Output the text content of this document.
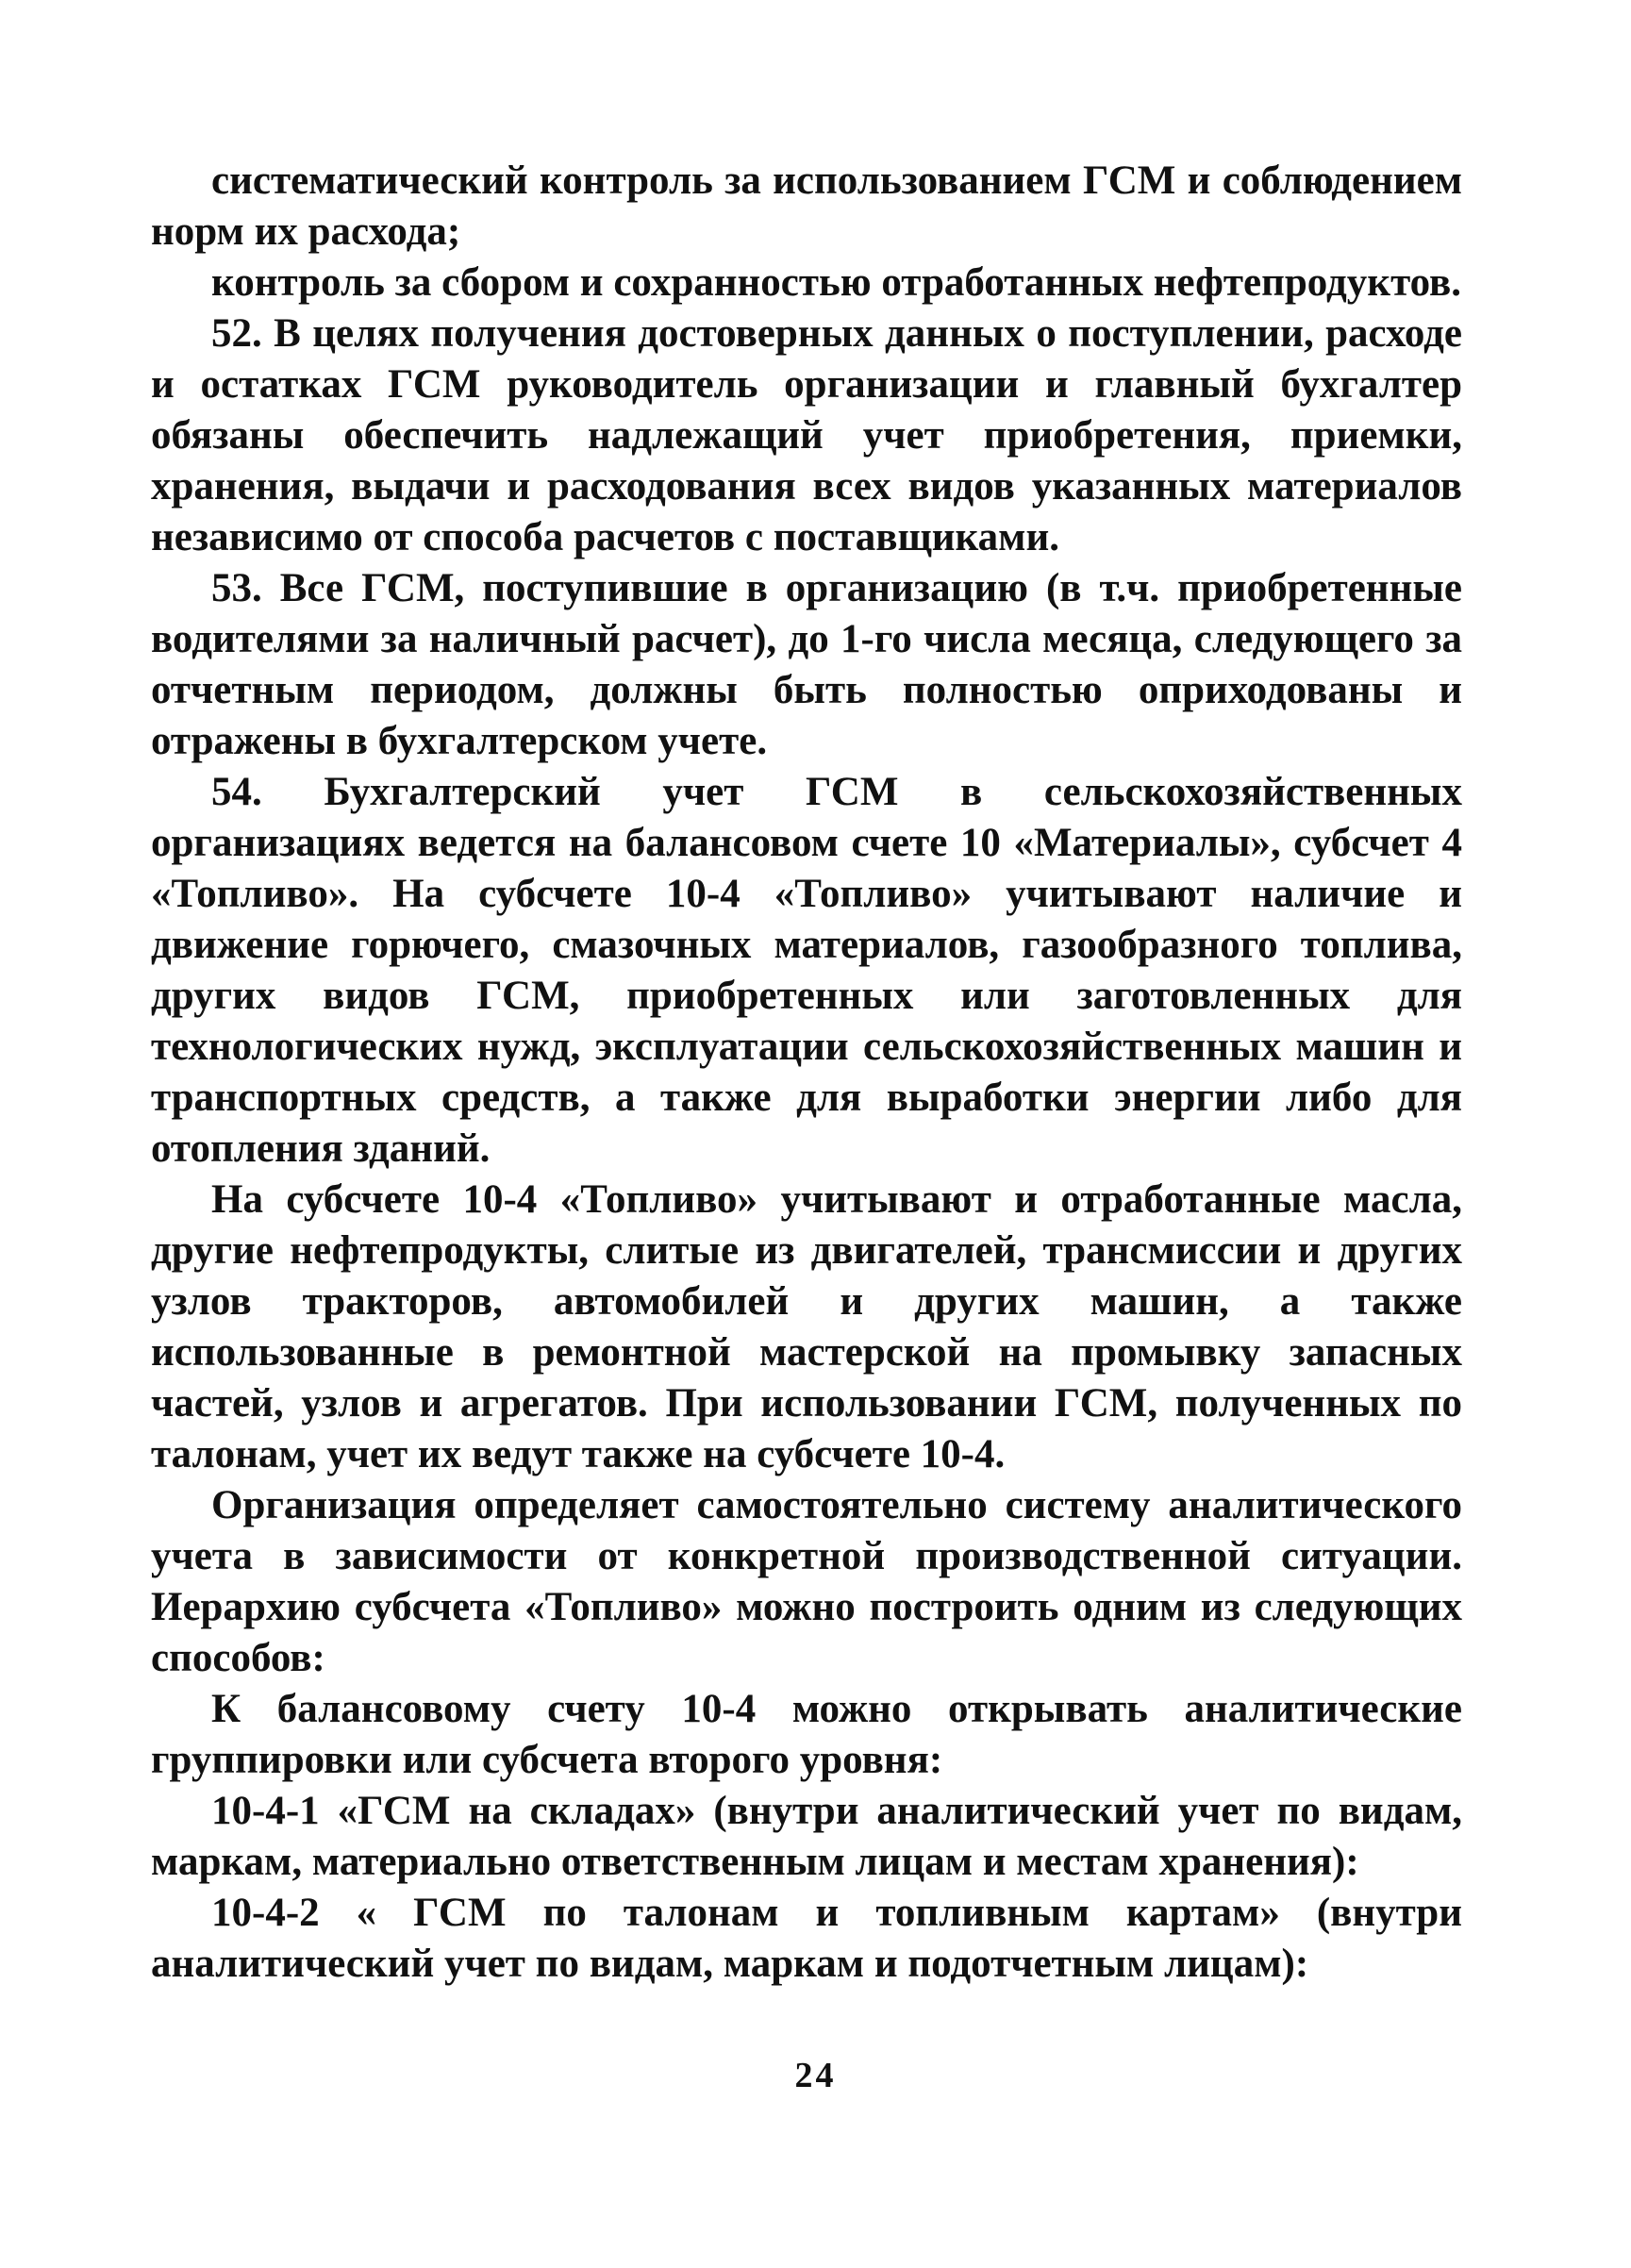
систематический контроль за использованием ГСМ и соблюдением норм их расхода;

контроль за сбором и сохранностью отработанных нефтепродуктов.

52. В целях получения достоверных данных о поступлении, расходе и остатках ГСМ руководитель организации и главный бухгалтер обязаны обеспечить надлежащий учет приобретения, приемки, хранения, выдачи и расходования всех видов указанных материалов независимо от способа расчетов с поставщиками.

53. Все ГСМ, поступившие в организацию (в т.ч. приобретенные водителями за наличный расчет), до 1-го числа месяца, следующего за отчетным периодом, должны быть полностью оприходованы и отражены в бухгалтерском учете.

54. Бухгалтерский учет ГСМ в сельскохозяйственных организациях ведется на балансовом счете 10 «Материалы», субсчет 4 «Топливо». На субсчете 10-4 «Топливо» учитывают наличие и движение горючего, смазочных материалов, газообразного топлива, других видов ГСМ, приобретенных или заготовленных для технологических нужд, эксплуатации сельскохозяйственных машин и транспортных средств, а также для выработки энергии либо для отопления зданий.

На субсчете 10-4 «Топливо» учитывают и отработанные масла, другие нефтепродукты, слитые из двигателей, трансмиссии и других узлов тракторов, автомобилей и других машин, а также использованные в ремонтной мастерской на промывку запасных частей, узлов и агрегатов. При использовании ГСМ, полученных по талонам, учет их ведут также на субсчете 10-4.

Организация определяет самостоятельно систему аналитического учета в зависимости от конкретной производственной ситуации. Иерархию субсчета «Топливо» можно построить одним из следующих способов:

К балансовому счету 10-4 можно открывать аналитические группировки или субсчета второго уровня:

10-4-1 «ГСМ на складах» (внутри аналитический учет по видам, маркам, материально ответственным лицам и местам хранения):

10-4-2 « ГСМ по талонам и топливным картам» (внутри аналитический учет по видам, маркам и подотчетным лицам):

24
